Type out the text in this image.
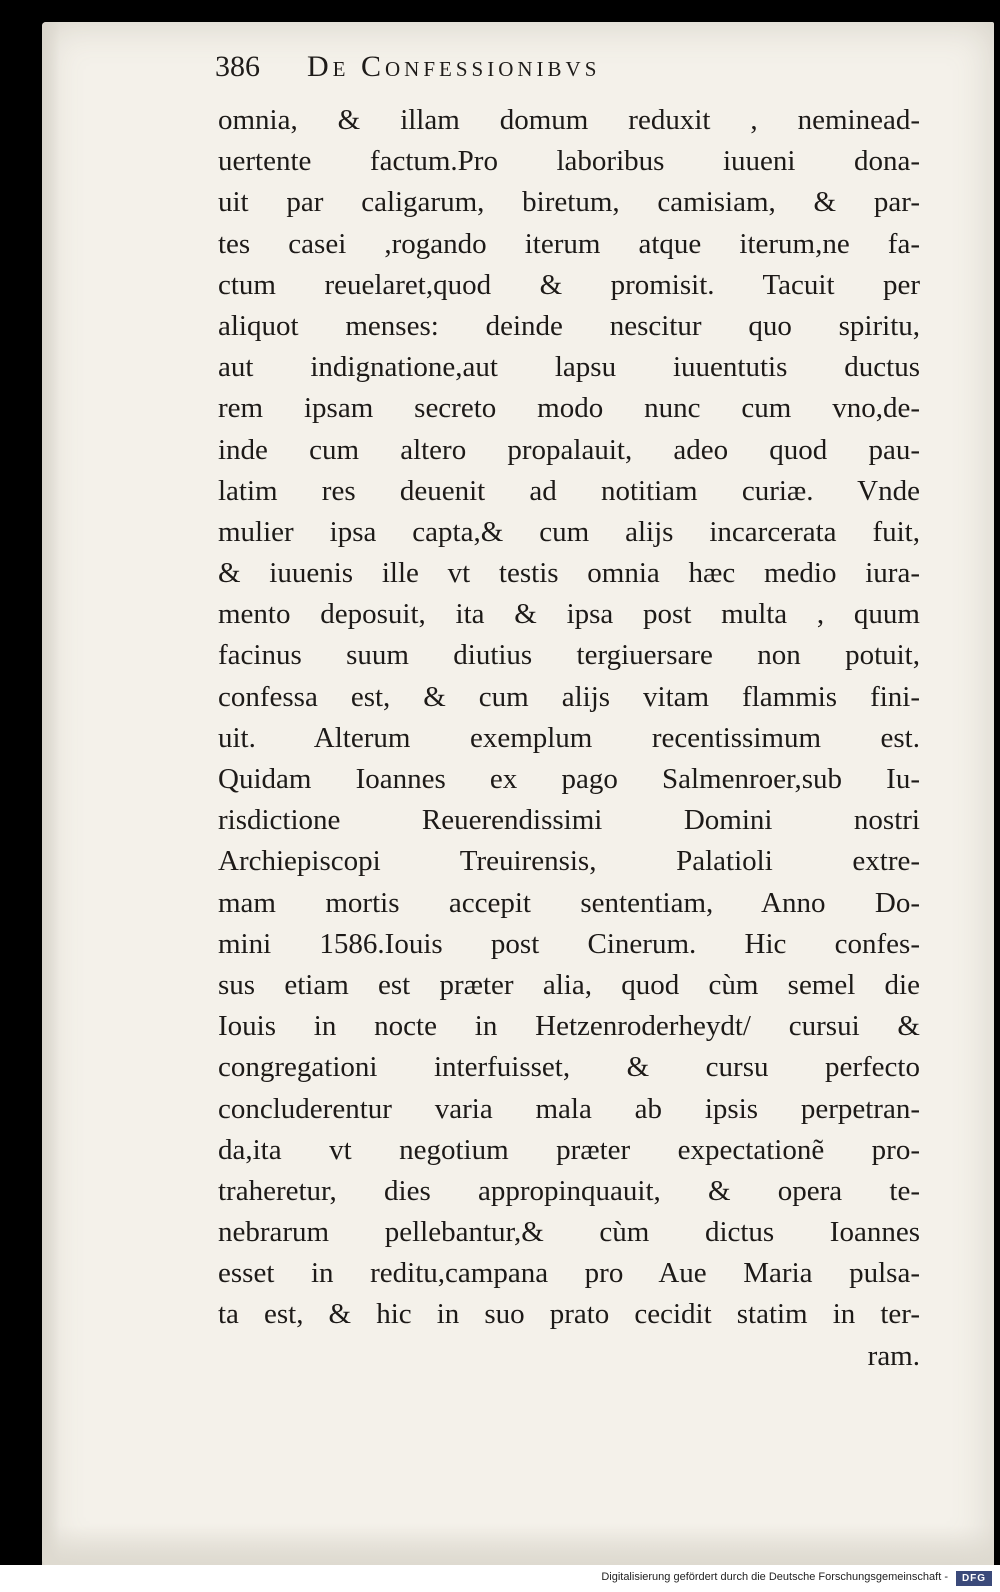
386 De Confessionibvs
omnia, & illam domum reduxit , neminead-
uertente factum.Pro laboribus iuueni dona-
uit par caligarum, biretum, camisiam, & par-
tes casei ,rogando iterum atque iterum,ne fa-
ctum reuelaret,quod & promisit. Tacuit per
aliquot menses: deinde nescitur quo spiritu,
aut indignatione,aut lapsu iuuentutis ductus
rem ipsam secreto modo nunc cum vno,de-
inde cum altero propalauit, adeo quod pau-
latim res deuenit ad notitiam curiæ. Vnde
mulier ipsa capta,& cum alijs incarcerata fuit,
& iuuenis ille vt testis omnia hæc medio iura-
mento deposuit, ita & ipsa post multa , quum
facinus suum diutius tergiuersare non potuit,
confessa est, & cum alijs vitam flammis fini-
uit. Alterum exemplum recentissimum est.
Quidam Ioannes ex pago Salmenroer,sub Iu-
risdictione Reuerendissimi Domini nostri
Archiepiscopi Treuirensis, Palatioli extre-
mam mortis accepit sententiam, Anno Do-
mini 1586.Iouis post Cinerum. Hic confes-
sus etiam est præter alia, quod cùm semel die
Iouis in nocte in Hetzenroderheydt/ cursui &
congregationi interfuisset, & cursu perfecto
concluderentur varia mala ab ipsis perpetran-
da,ita vt negotium præter expectationẽ pro-
traheretur, dies appropinquauit, & opera te-
nebrarum pellebantur,& cùm dictus Ioannes
esset in reditu,campana pro Aue Maria pulsa-
ta est, & hic in suo prato cecidit statim in ter-
ram.
Digitalisierung gefördert durch die Deutsche Forschungsgemeinschaft -	DFG
